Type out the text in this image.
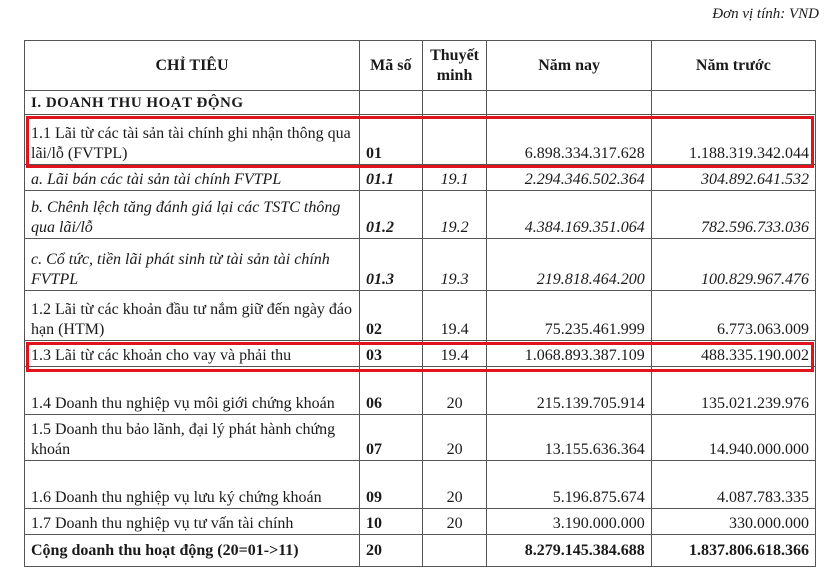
Đơn vị tính: VND
CHỈ TIÊU	Mã số	Thuyết minh	Năm nay	Năm trước
I. DOANH THU HOẠT ĐỘNG				
1.1 Lãi từ các tài sản tài chính ghi nhận thông qua lãi/lỗ (FVTPL)	01		6.898.334.317.628	1.188.319.342.044
a. Lãi bán các tài sản tài chính FVTPL	01.1	19.1	2.294.346.502.364	304.892.641.532
b. Chênh lệch tăng đánh giá lại các TSTC thông qua lãi/lỗ	01.2	19.2	4.384.169.351.064	782.596.733.036
c. Cổ tức, tiền lãi phát sinh từ tài sản tài chính FVTPL	01.3	19.3	219.818.464.200	100.829.967.476
1.2 Lãi từ các khoản đầu tư nắm giữ đến ngày đáo hạn (HTM)	02	19.4	75.235.461.999	6.773.063.009
1.3 Lãi từ các khoản cho vay và phải thu	03	19.4	1.068.893.387.109	488.335.190.002
1.4 Doanh thu nghiệp vụ môi giới chứng khoán	06	20	215.139.705.914	135.021.239.976
1.5 Doanh thu bảo lãnh, đại lý phát hành chứng khoán	07	20	13.155.636.364	14.940.000.000
1.6 Doanh thu nghiệp vụ lưu ký chứng khoán	09	20	5.196.875.674	4.087.783.335
1.7 Doanh thu nghiệp vụ tư vấn tài chính	10	20	3.190.000.000	330.000.000
Cộng doanh thu hoạt động (20=01->11)	20		8.279.145.384.688	1.837.806.618.366
